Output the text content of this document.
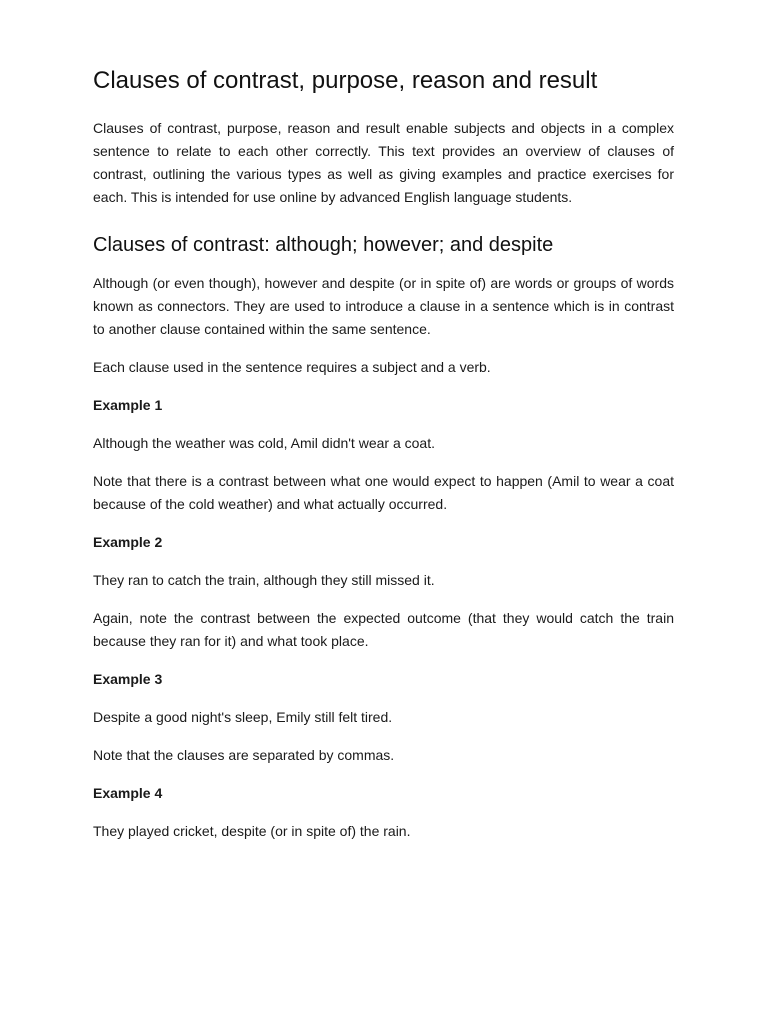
Clauses of contrast, purpose, reason and result

Clauses of contrast, purpose, reason and result enable subjects and objects in a complex sentence to relate to each other correctly. This text provides an overview of clauses of contrast, outlining the various types as well as giving examples and practice exercises for each. This is intended for use online by advanced English language students.

Clauses of contrast: although; however; and despite

Although (or even though), however and despite (or in spite of) are words or groups of words known as connectors. They are used to introduce a clause in a sentence which is in contrast to another clause contained within the same sentence.

Each clause used in the sentence requires a subject and a verb.

Example 1

Although the weather was cold, Amil didn't wear a coat.

Note that there is a contrast between what one would expect to happen (Amil to wear a coat because of the cold weather) and what actually occurred.

Example 2

They ran to catch the train, although they still missed it.

Again, note the contrast between the expected outcome (that they would catch the train because they ran for it) and what took place.

Example 3

Despite a good night's sleep, Emily still felt tired.

Note that the clauses are separated by commas.

Example 4

They played cricket, despite (or in spite of) the rain.
